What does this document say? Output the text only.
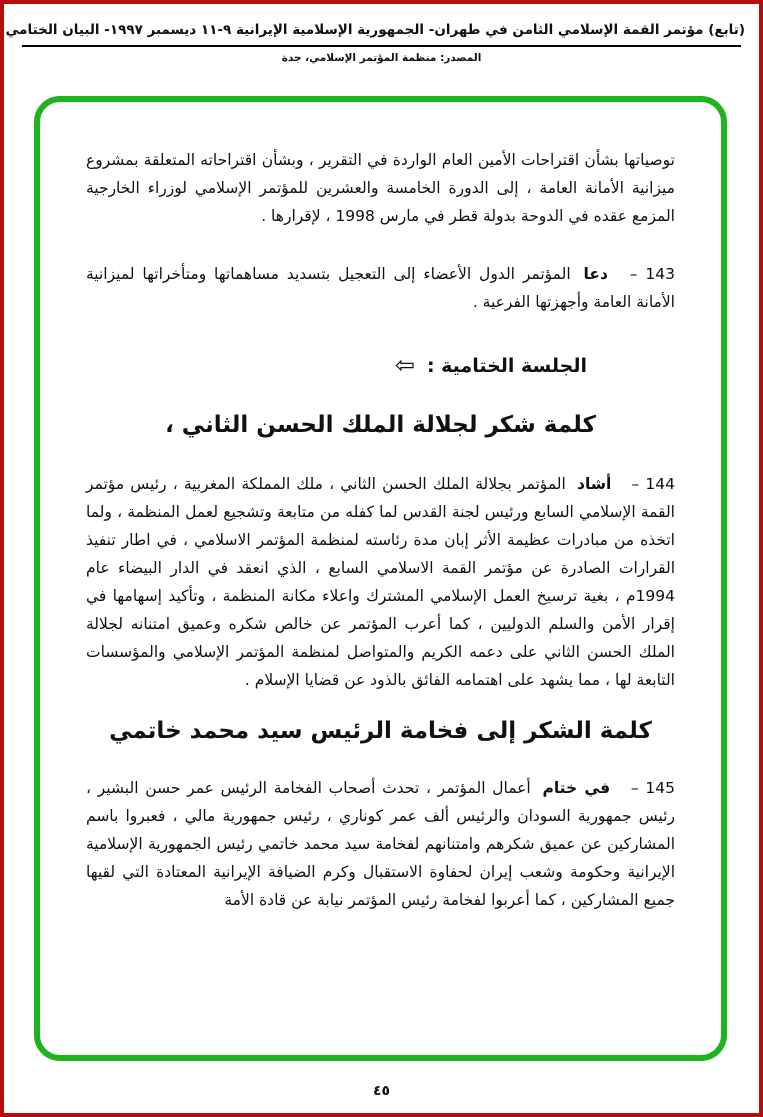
(تابع) مؤتمر القمة الإسلامي الثامن في طهران- الجمهورية الإسلامية الإيرانية ٩-١١ ديسمبر ١٩٩٧- البيان الختامي
المصدر: منظمة المؤتمر الإسلامي، جدة

توصياتها بشأن اقتراحات الأمين العام الواردة في التقرير ، وبشأن اقتراحاته المتعلقة بمشروع ميزانية الأمانة العامة ، إلى الدورة الخامسة والعشرين للمؤتمر الإسلامي لوزراء الخارجية المزمع عقده في الدوحة بدولة قطر في مارس 1998 ، لإقرارها .

143 – دعا المؤتمر الدول الأعضاء إلى التعجيل بتسديد مساهماتها ومتأخراتها لميزانية الأمانة العامة وأجهزتها الفرعية .

الجلسة الختامية :
⇦
كلمة شكر لجلالة الملك الحسن الثاني ،

144 – أشاد المؤتمر بجلالة الملك الحسن الثاني ، ملك المملكة المغربية ، رئيس مؤتمر القمة الإسلامي السابع ورئيس لجنة القدس لما كفله من متابعة وتشجيع لعمل المنظمة ، ولما اتخذه من مبادرات عظيمة الأثر إبان مدة رئاسته لمنظمة المؤتمر الاسلامي ، في اطار تنفيذ القرارات الصادرة عن مؤتمر القمة الاسلامي السابع ، الذي انعقد في الدار البيضاء عام 1994م ، بغية ترسيخ العمل الإسلامي المشترك واعلاء مكانة المنظمة ، وتأكيد إسهامها في إقرار الأمن والسلم الدوليين ، كما أعرب المؤتمر عن خالص شكره وعميق امتنانه لجلالة الملك الحسن الثاني على دعمه الكريم والمتواصل لمنظمة المؤتمر الإسلامي والمؤسسات التابعة لها ، مما يشهد على اهتمامه الفائق بالذود عن قضايا الإسلام .

كلمة الشكر إلى فخامة الرئيس سيد محمد خاتمي

145 – في ختام أعمال المؤتمر ، تحدث أصحاب الفخامة الرئيس عمر حسن البشير ، رئيس جمهورية السودان والرئيس ألف عمر كوناري ، رئيس جمهورية مالي ، فعبروا باسم المشاركين عن عميق شكرهم وامتنانهم لفخامة سيد محمد خاتمي رئيس الجمهورية الإسلامية الإيرانية وحكومة وشعب إيران لحفاوة الاستقبال وكرم الضيافة الإيرانية المعتادة التي لقيها جميع المشاركين ، كما أعربوا لفخامة رئيس المؤتمر نيابة عن قادة الأمة

٤٥
